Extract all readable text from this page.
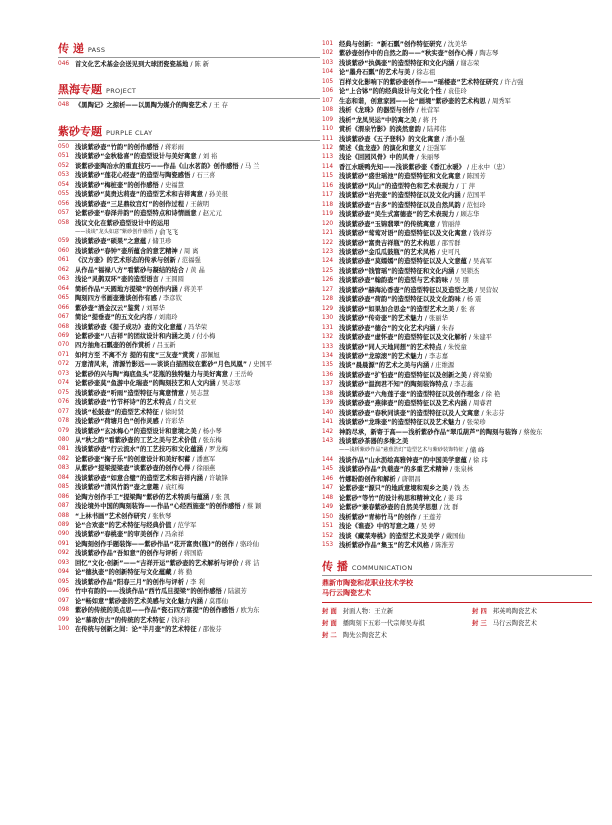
传 递 PASS
046 首文化艺术基金会送见到大球团瓷瓷基地 / 陈 新
黑海专题 PROJECT
048 《黑陶记》之掠析——以黑陶为媒介的陶瓷艺术 / 王 存
紫砂专题 PURPLE CLAY
050 浅谈紫砂壶“竹韵”的创作感悟 / 蒋彩雨
051 浅谈紫砂“金秋稔喜”的造型设计与美好寓意 / 刘 裕
052 谈紫砂壶陶冶水的重直技巧——作品《山水茗韵》创作感悟 / 马 兰
053 浅谈紫砂“莲花心经壶”的造型与陶瓷感悟 / 石三喜
054 浅谈紫砂“梅桩壶”的创作感悟 / 史福慧
055 浅谈紫砂“莫贵达莉壶”的造型艺术和吉祥寓意 / 孙美很
056 浅谈紫砂壶“三足鼎纹宫灯”的创作过程 / 王薇明
057 论紫砂壶“春泽井韵”的造型特点和诗情画意 / 赵元元
058 浅议文化在紫砂造型设计中的运用
——浅谈“龙头如意”紫砂创作感悟 / 俞飞飞
059 浅谈紫砂壶“硕果”之意蕴 / 储卫珍
060 浅谈紫砂“春钟”壶所蕴含的意艺精神 / 周 离
061 《汉方壶》的艺术形态的传承与创新 / 范福强
062 从作品“福禄八方”看紫砂与凝结的结合 / 黄 晶
063 浅论“灵鹊双环”壶的造型语言 / 王圆圆
064 简析作品“天圆地方提梁”的创作内涵 / 蒋美平
065 陶刻四方书画壶雅谈创作有感 / 李彦钦
066 紫砂壶“酒金汉云”鉴赏 / 刘幂华
067 简论“提垂壶”的五文化内容 / 刘南玲
068 浅谈紫砂壶《提子成功》壶的文化意蕴 / 冯华荣
069 论紫砂壶“八吉祥”的团纹设计和内涵之美 / 付小梅
070 四方抽角石瓢壶的创作赏析 / 吕玉新
071 如何方至 不离不方 提的有度“三友壶”赏赏 / 邵佩旭
072 万意清风来，清源竹影远——谈谈白描图纹在紫砂“月色凤凰” / 史国平
073 论紫砂的兴与陶“海底鱼头”花瓶的独特魅力与美好寓意 / 王岳岭
074 论紫砂壶莫“鱼游中化瑞壶”的陶刻技艺和人文内涵 / 吴志寒
075 浅谈紫砂壶“听雨”造型特征与寓意情意 / 吴志慧
076 浅谈紫砂壶“竹节杯诗”的艺术特点 / 肖文亚
077 浅谈“松鼓壶”的造型艺术特征 / 徐时贤
078 浅论紫砂“荷塘月色”创作灵感 / 许彩华
079 浅谈紫砂“玄冰梅心”的造型设计和意境之美 / 杨小琴
080 从“秋之韵”看紫砂壶的工艺之美与艺术价值 / 张东梅
081 浅谈紫砂壶“行云流水”的工艺技巧和文化蕴涵 / 罗龙梅
082 论紫砂壶“掬子乐”的创意设计和美好积蓄 / 潘惠军
083 从紫砂“提梁提梁壶”谈紫砂壶的创作心得 / 徐丽燕
084 浅谈紫砂壶“如意合璧”的造型艺术和吉祥内涵 / 许敏锋
085 浅谈紫砂“清风竹韵”壶之意趣 / 袁红梅
086 论陶方创作手工“提梁陶”紫砂的艺术特质与蕴涵 / 张 凯
087 浅论境外中国的陶刻装饰——作品“心经西施壶”的创作感悟 / 蔡 颖
088 “上林书画”艺术创作研究 / 张秋琴
089 论“合欢壶”的艺术特征与经典价值 / 范学军
090 浅谈紫砂“春桃壶”的审美创作 / 冯余祥
091 论陶刻创作手题装饰——紫砂作品“花开富贵(瓶)”的创作 / 骆玲仙
092 浅谈紫砂作品“吾如意”的创作与评析 / 蒋国皓
093 回忆“文化·创新”——“吉祥开运”紫砂壶的艺术解析与评价 / 蒋 洁
094 论“德执壶”的创新特征与文化蕴藏 / 蒋 勤
095 浅谈紫砂作品“阳春三月”的创作与评析 / 李 利
096 竹中有韵的——浅谈作品“西竹瓜旦提梁”的创作感悟 / 陆淑芳
097 论“畅如意”紫砂壶的艺术美感与文化魅力内涵 / 莫郡仙
098 紫砂的传统的美点思——作品“瓷石四方富提”的创作感悟 / 欧为东
099 论“慕欲仿古”的传统的艺术特征 / 钱泽岩
100 在传统与创新之间：论“半月壶”的艺术特征 / 邵俊芬
101 经典与创新：“新石瓢”创作特征研究 / 沈美华
102 紫砂壶创作中的自然之韵——“秋实壶”创作心得 / 陶志琴
103 浅谈紫砂“执偶壶”的造型特征和文化内涵 / 谢志荣
104 论“墨舟石瓢”的艺术与美 / 徐志祖
105 百样文化影响下的紫砂壶创作——“瑶楼壶”艺术特征研究 / 许占强
106 论“上合钵”的的经典设计与文化个性 / 袁佳玲
107 生态和谐，创意家园——论“画境”紫砂壶的艺术构思 / 周秀军
108 浅析《龙珠》的器型与创作 / 杜营军
109 浅析“龙凤吴运”中的寓之美 / 蒋 丹
110 赏析《渭泉竹影》的淡然意韵 / 陆邦伟
111 浅谈紫砂壶《五子登科》的文化寓意 / 潘小强
112 简述《鱼龙壶》的演化和意义 / 汪强军
113 浅论《回园风骨》中的风骨 / 朱丽琴
114 香江水暖鸭先知——浅谈紫砂壶《香江水暖》 / 庄永中（忠）
115 浅谈紫砂“盛世瑶池”的造型特征和文化寓意 / 陈国芳
116 浅谈紫砂“风山”的造型特色和艺术表现力 / 丁 萍
117 浅谈紫砂“岩壳壶”的造型特征以及文化内涵 / 范国平
118 浅谈紫砂壶“吉多”的造型特征以及自然风韵 / 范恒玲
119 浅谈紫砂壶“美生式富德壶”的艺术表现力 / 顾志华
120 浅谈紫砂壶“玉锦翡翠”的传统寓意 / 管丽萍
121 浅谈紫砂“莺莺对语”的造型特征以及文化寓意 / 钱祥芬
122 浅谈紫砂“富贵吉祥瓶”的艺术构思 / 邵雪群
123 浅谈紫砂“金瓜瓜鼓瓶”的艺术风格 / 史可凡
124 浅谈紫砂壶“莫嫣嫣”的造型特征以及人文意蕴 / 吴高军
125 浅谈紫砂“钱管瑶”的造型特征和文化内涵 / 吴锁杰
126 浅谈紫砂壶“翰韵壶”的造型与艺术韵味 / 吴 朋
127 浅谈紫砂“赫海沁香壶”的造型特征以及造型之美 / 吴营奴
128 浅谈紫砂壶“荷韵”的造型特征以及文化韵味 / 杨 震
129 浅谈紫砂“如果加合思金”的造型艺术之美 / 张 喜
130 浅谈紫砂“传奇壶”的艺术魅力 / 张丽华
131 浅谈紫砂壶“德合”的文化艺术内涵 / 朱春
132 浅谈紫砂壶“虚怀壶”的造型特征以及文化解析 / 朱建平
133 浅谈紫砂“同人天地同想”的艺术特点 / 朱悦童
134 浅谈紫砂“龙琼滚”的艺术魅力 / 李志嘉
135 浅谈“晨晨源”的艺术之美与内涵 / 庄维源
136 浅谈紫砂壶“扩怕壶”的造型特征以及创新之美 / 蒋荣勤
137 浅谈紫砂“温润君不知”的陶刻装饰特点 / 李志鑫
138 浅谈紫砂壶“六角莲子壶”的造型特征以及创作理念 / 徐 艳
139 浅谈紫砂壶“燕律壶”的造型特征以及艺术内涵 / 周睿君
140 浅谈紫砂壶“春秋同谈壶”的造型特征以及人文寓意 / 朱志芬
141 浅谈紫砂“龙珠壶”的造型特征以及艺术魅力 / 张荣珍
142 神韵尽承，新寄于高——浅析紫砂作品“翠瓜葫芦”的陶刻与装饰 / 蔡俊东
143 浅谈紫砂茶器的多维之美
——浅析紫砂作品“慈蕉浩灯”造型艺术与紫砂装饰特征 / 储 峰
144 浅谈作品“山水沥绘高雅钟壶”的中国美学意蕴 / 徐 玮
145 浅谈紫砂作品“负载壶”的多重艺术精神 / 张泉林
146 竹娜盼韵创作和解析 / 唐朝昌
147 论紫砂壶“源只”的地质意境和观乡之美 / 钱 杰
148 论紫砂“等竹”的设计构思和精神文化 / 姜 玮
149 论紫砂“兼春紫砂壶的自然美学思想 / 沈 群
150 浅析紫砂“青柿竹马”的创作 / 王莲芳
151 浅论《谯壶》中的写意之趣 / 吴 婷
152 浅谈《藏菜寿桃》的造型艺术及美学 / 戴国仙
153 浅析紫砂作品“集玉”的艺术风格 / 陈淮芳
传 播 COMMUNICATION
鼎新市陶瓷和花职业技术学校
马行云陶瓷艺术
封 面 封面人物：王立新	封 四 邦英鸣陶瓷艺术
封 面 播陶刻下五彩一代宗师吴寿祺	封 三 马行云陶瓷艺术
封 二 陶先公陶瓷艺术
